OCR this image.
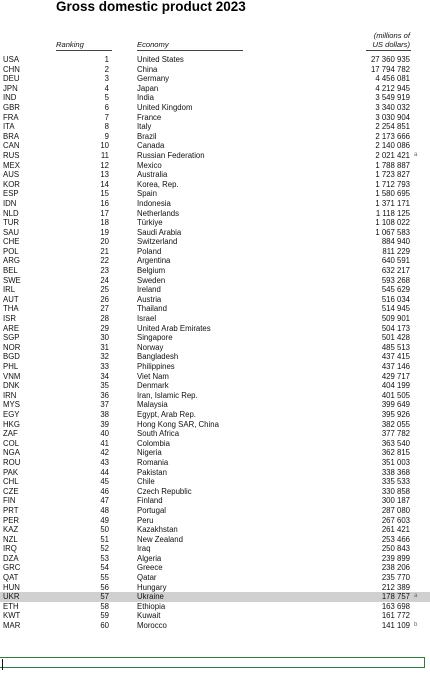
Gross domestic product 2023
Ranking	Economy
(millions of
US dollars)
USA	1	United States	27 360 935
CHN	2	China	17 794 782
DEU	3	Germany	4 456 081
JPN	4	Japan	4 212 945
IND	5	India	3 549 919
GBR	6	United Kingdom	3 340 032
FRA	7	France	3 030 904
ITA	8	Italy	2 254 851
BRA	9	Brazil	2 173 666
CAN	10	Canada	2 140 086
RUS	11	Russian Federation	2 021 421 a
MEX	12	Mexico	1 788 887
AUS	13	Australia	1 723 827
KOR	14	Korea, Rep.	1 712 793
ESP	15	Spain	1 580 695
IDN	16	Indonesia	1 371 171
NLD	17	Netherlands	1 118 125
TUR	18	Türkiye	1 108 022
SAU	19	Saudi Arabia	1 067 583
CHE	20	Switzerland	884 940
POL	21	Poland	811 229
ARG	22	Argentina	640 591
BEL	23	Belgium	632 217
SWE	24	Sweden	593 268
IRL	25	Ireland	545 629
AUT	26	Austria	516 034
THA	27	Thailand	514 945
ISR	28	Israel	509 901
ARE	29	United Arab Emirates	504 173
SGP	30	Singapore	501 428
NOR	31	Norway	485 513
BGD	32	Bangladesh	437 415
PHL	33	Philippines	437 146
VNM	34	Viet Nam	429 717
DNK	35	Denmark	404 199
IRN	36	Iran, Islamic Rep.	401 505
MYS	37	Malaysia	399 649
EGY	38	Egypt, Arab Rep.	395 926
HKG	39	Hong Kong SAR, China	382 055
ZAF	40	South Africa	377 782
COL	41	Colombia	363 540
NGA	42	Nigeria	362 815
ROU	43	Romania	351 003
PAK	44	Pakistan	338 368
CHL	45	Chile	335 533
CZE	46	Czech Republic	330 858
FIN	47	Finland	300 187
PRT	48	Portugal	287 080
PER	49	Peru	267 603
KAZ	50	Kazakhstan	261 421
NZL	51	New Zealand	253 466
IRQ	52	Iraq	250 843
DZA	53	Algeria	239 899
GRC	54	Greece	238 206
QAT	55	Qatar	235 770
HUN	56	Hungary	212 389
UKR	57	Ukraine	178 757 a
ETH	58	Ethiopia	163 698
KWT	59	Kuwait	161 772
MAR	60	Morocco	141 109 b
